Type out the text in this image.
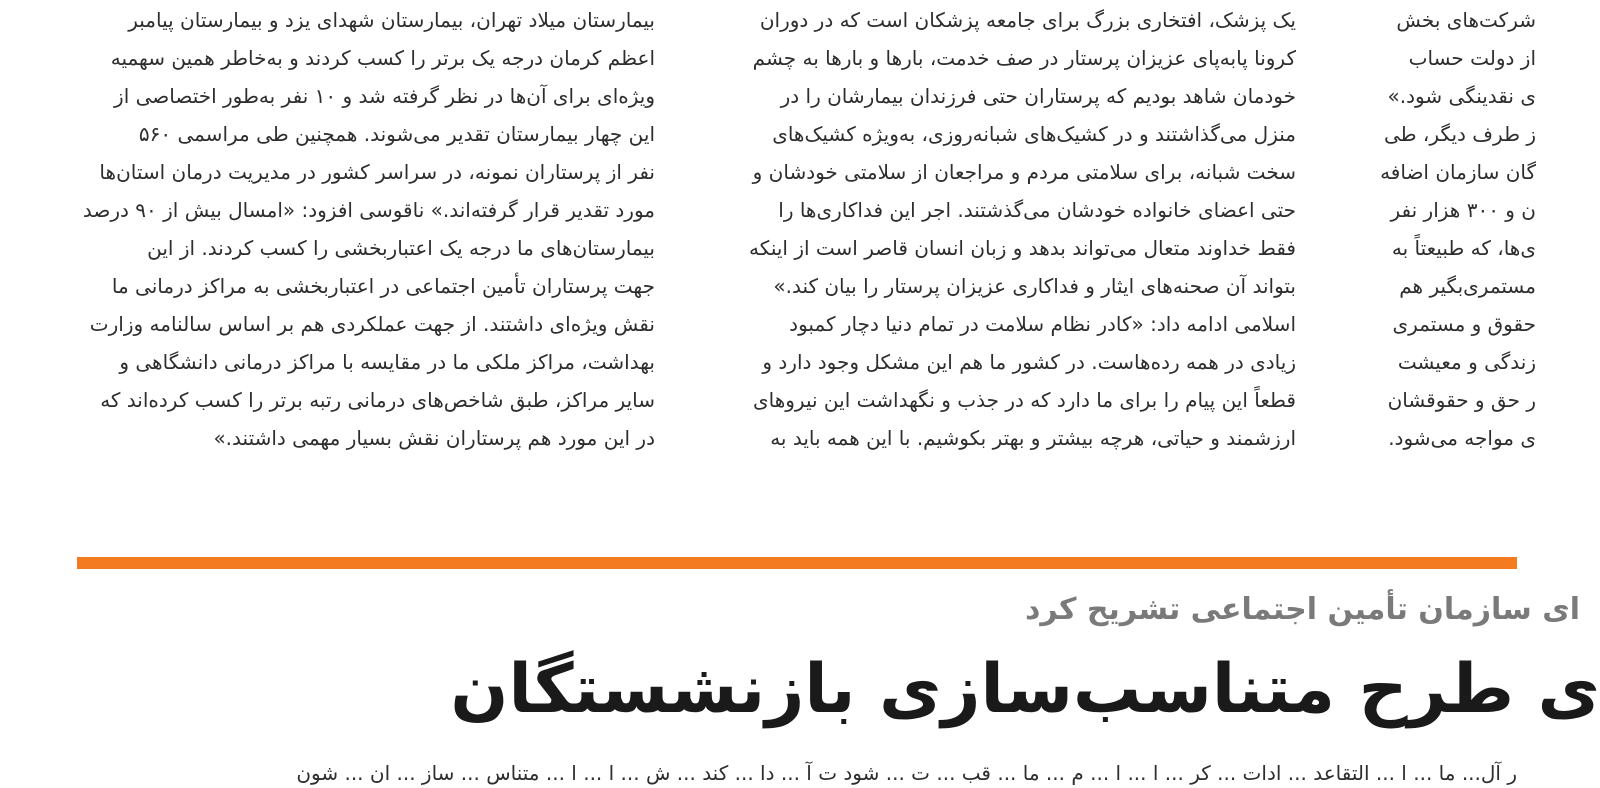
شرکت‌های بخش
از دولت حساب
ی نقدینگی شود.»
ز طرف دیگر، طی
گان سازمان اضافه
ن و ۳۰۰ هزار نفر
ی‌ها، که طبیعتاً به
مستمری‌بگیر هم
حقوق و مستمری
زندگی و معیشت
ر حق و حقوقشان
ی مواجه می‌شود.
یک پزشک، افتخاری بزرگ برای جامعه پزشکان است که در دوران
کرونا پابه‌پای عزیزان پرستار در صف خدمت، بارها و بارها به چشم
خودمان شاهد بودیم که پرستاران حتی فرزندان بیمارشان را در
منزل می‌گذاشتند و در کشیک‌های شبانه‌روزی، به‌ویژه کشیک‌های
سخت شبانه، برای سلامتی مردم و مراجعان از سلامتی خودشان و
حتی اعضای خانواده خودشان می‌گذشتند. اجر این فداکاری‌ها را
فقط خداوند متعال می‌تواند بدهد و زبان انسان قاصر است از اینکه
بتواند آن صحنه‌های ایثار و فداکاری عزیزان پرستار را بیان کند.»
اسلامی ادامه داد: «کادر نظام سلامت در تمام دنیا دچار کمبود
زیادی در همه رده‌هاست. در کشور ما هم این مشکل وجود دارد و
قطعاً این پیام را برای ما دارد که در جذب و نگهداشت این نیروهای
ارزشمند و حیاتی، هرچه بیشتر و بهتر بکوشیم. با این همه باید به
بیمارستان میلاد تهران، بیمارستان شهدای یزد و بیمارستان پیامبر
اعظم کرمان درجه یک برتر را کسب کردند و به‌خاطر همین سهمیه
ویژه‌ای برای آن‌ها در نظر گرفته شد و ۱۰ نفر به‌طور اختصاصی از
این چهار بیمارستان تقدیر می‌شوند. همچنین طی مراسمی ۵۶۰
نفر از پرستاران نمونه، در سراسر کشور در مدیریت درمان استان‌ها
مورد تقدیر قرار گرفته‌اند.» ناقوسی افزود: «امسال بیش از ۹۰ درصد
بیمارستان‌های ما درجه یک اعتباربخشی را کسب کردند. از این
جهت پرستاران تأمین اجتماعی در اعتباربخشی به مراکز درمانی ما
نقش ویژه‌ای داشتند. از جهت عملکردی هم بر اساس سالنامه وزارت
بهداشت، مراکز ملکی ما در مقایسه با مراکز درمانی دانشگاهی و
سایر مراکز، طبق شاخص‌های درمانی رتبه برتر را کسب کرده‌اند که
در این مورد هم پرستاران نقش بسیار مهمی داشتند.»
ای سازمان تأمین اجتماعی تشریح کرد
ی طرح متناسب‌سازی بازنشستگان
ر آل... ما ... ا ... التقاعد ... ادات ... کر ... ا ... ا ... م ... ما ... قب ... ت ... شود ت آ ... دا ... کند ... ش ... ا ... ا ... متناس ... ساز ... ان ... شون
